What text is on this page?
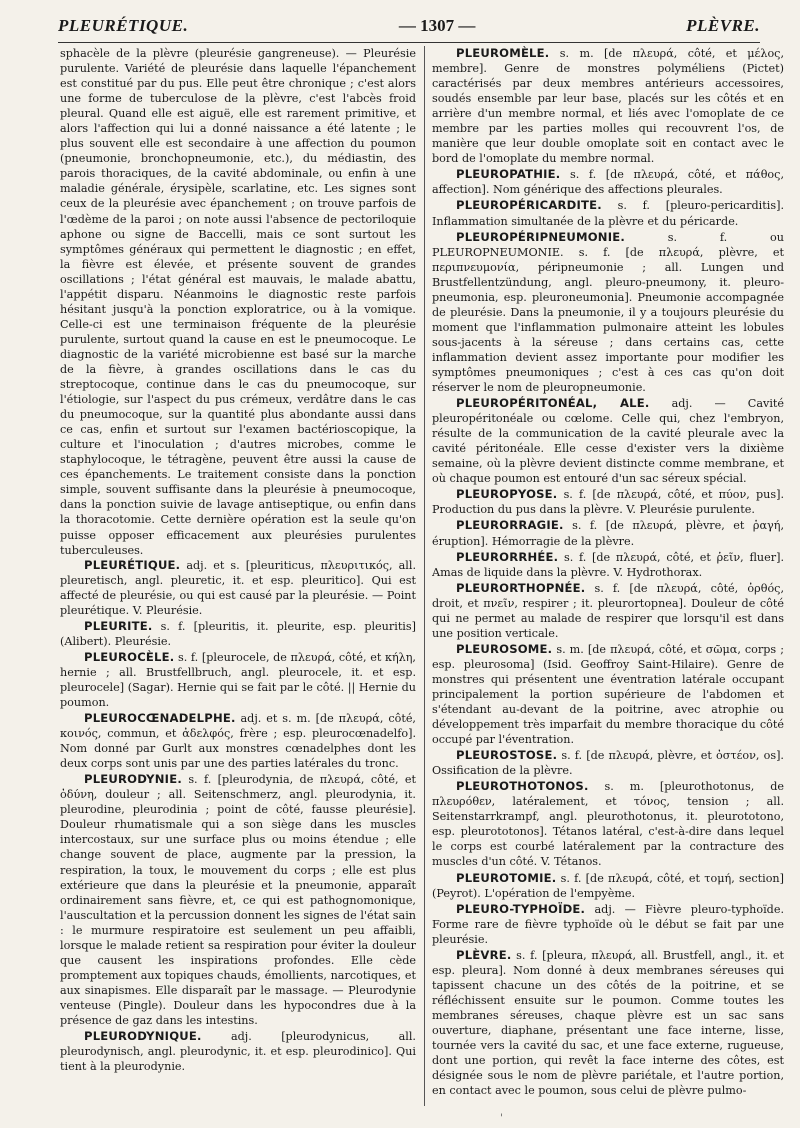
PLEURÉTIQUE.	— 1307 —	PLÈVRE.

sphacèle de la plèvre (pleurésie gangreneuse). — Pleurésie purulente. Variété de pleurésie dans laquelle l'épanchement est constitué par du pus. Elle peut être chronique ; c'est alors une forme de tuberculose de la plèvre, c'est l'abcès froid pleural. Quand elle est aiguë, elle est rarement primitive, et alors l'affection qui lui a donné naissance a été latente ; le plus souvent elle est secondaire à une affection du poumon (pneumonie, bronchopneumonie, etc.), du médiastin, des parois thoraciques, de la cavité abdominale, ou enfin à une maladie générale, érysipèle, scarlatine, etc. Les signes sont ceux de la pleurésie avec épanchement ; on trouve parfois de l'œdème de la paroi ; on note aussi l'absence de pectoriloquie aphone ou signe de Baccelli, mais ce sont surtout les symptômes généraux qui permettent le diagnostic ; en effet, la fièvre est élevée, et présente souvent de grandes oscillations ; l'état général est mauvais, le malade abattu, l'appétit disparu. Néanmoins le diagnostic reste parfois hésitant jusqu'à la ponction exploratrice, ou à la vomique. Celle-ci est une terminaison fréquente de la pleurésie purulente, surtout quand la cause en est le pneumocoque. Le diagnostic de la variété microbienne est basé sur la marche de la fièvre, à grandes oscillations dans le cas du streptocoque, continue dans le cas du pneumocoque, sur l'étiologie, sur l'aspect du pus crémeux, verdâtre dans le cas du pneumocoque, sur la quantité plus abondante aussi dans ce cas, enfin et surtout sur l'examen bactérioscopique, la culture et l'inoculation ; d'autres microbes, comme le staphylocoque, le tétragène, peuvent être aussi la cause de ces épanchements. Le traitement consiste dans la ponction simple, souvent suffisante dans la pleurésie à pneumocoque, dans la ponction suivie de lavage antiseptique, ou enfin dans la thoracotomie. Cette dernière opération est la seule qu'on puisse opposer efficacement aux pleurésies purulentes tuberculeuses.

PLEURÉTIQUE. adj. et s. [pleuriticus, πλευριτικός, all. pleuretisch, angl. pleuretic, it. et esp. pleuritico]. Qui est affecté de pleurésie, ou qui est causé par la pleurésie. — Point pleurétique. V. Pleurésie.

PLEURITE. s. f. [pleuritis, it. pleurite, esp. pleuritis] (Alibert). Pleurésie.

PLEUROCÈLE. s. f. [pleurocele, de πλευρά, côté, et κήλη, hernie ; all. Brustfellbruch, angl. pleurocele, it. et esp. pleurocele] (Sagar). Hernie qui se fait par le côté. || Hernie du poumon.

PLEUROCŒNADELPHE. adj. et s. m. [de πλευρά, côté, κοινός, commun, et ἀδελφός, frère ; esp. pleurocœnadelfo]. Nom donné par Gurlt aux monstres cœnadelphes dont les deux corps sont unis par une des parties latérales du tronc.

PLEURODYNIE. s. f. [pleurodynia, de πλευρά, côté, et ὀδύνη, douleur ; all. Seitenschmerz, angl. pleurodynia, it. pleurodine, pleurodinia ; point de côté, fausse pleurésie]. Douleur rhumatismale qui a son siège dans les muscles intercostaux, sur une surface plus ou moins étendue ; elle change souvent de place, augmente par la pression, la respiration, la toux, le mouvement du corps ; elle est plus extérieure que dans la pleurésie et la pneumonie, apparaît ordinairement sans fièvre, et, ce qui est pathognomonique, l'auscultation et la percussion donnent les signes de l'état sain : le murmure respiratoire est seulement un peu affaibli, lorsque le malade retient sa respiration pour éviter la douleur que causent les inspirations profondes. Elle cède promptement aux topiques chauds, émollients, narcotiques, et aux sinapismes. Elle disparaît par le massage. — Pleurodynie venteuse (Pingle). Douleur dans les hypocondres due à la présence de gaz dans les intestins.

PLEURODYNIQUE.	adj. [pleurodynicus, all. pleurodynisch, angl. pleurodynic, it. et esp. pleurodinico]. Qui tient à la pleurodynie.

PLEUROMÈLE. s. m. [de πλευρά, côté, et μέλος, membre]. Genre de monstres polyméliens (Pictet) caractérisés par deux membres antérieurs accessoires, soudés ensemble par leur base, placés sur les côtés et en arrière d'un membre normal, et liés avec l'omoplate de ce membre par les parties molles qui recouvrent l'os, de manière que leur double omoplate soit en contact avec le bord de l'omoplate du membre normal.

PLEUROPATHIE. s. f. [de πλευρά, côté, et πάθος, affection]. Nom générique des affections pleurales.

PLEUROPÉRICARDITE. s. f. [pleuro-pericarditis]. Inflammation simultanée de la plèvre et du péricarde.

PLEUROPÉRIPNEUMONIE.	s. f. ou PLEUROPNEUMONIE. s. f. [de πλευρά, plèvre, et περιπνευμονία, péripneumonie ; all. Lungen und Brustfellentzündung, angl. pleuro-pneumony, it. pleuro-pneumonia, esp. pleuroneumonia]. Pneumonie accompagnée de pleurésie. Dans la pneumonie, il y a toujours pleurésie du moment que l'inflammation pulmonaire atteint les lobules sous-jacents à la séreuse ; dans certains cas, cette inflammation devient assez importante pour modifier les symptômes pneumoniques ; c'est à ces cas qu'on doit réserver le nom de pleuropneumonie.

PLEUROPÉRITONÉAL, ALE. adj. — Cavité pleuropéritonéale ou cœlome. Celle qui, chez l'embryon, résulte de la communication de la cavité pleurale avec la cavité péritonéale. Elle cesse d'exister vers la dixième semaine, où la plèvre devient distincte comme membrane, et où chaque poumon est entouré d'un sac séreux spécial.

PLEUROPYOSE. s. f. [de πλευρά, côté, et πύον, pus]. Production du pus dans la plèvre. V. Pleurésie purulente.

PLEURORRAGIE. s. f. [de πλευρά, plèvre, et ῥαγή, éruption]. Hémorragie de la plèvre.

PLEURORRHÉE. s. f. [de πλευρά, côté, et ῥεῖν, fluer]. Amas de liquide dans la plèvre. V. Hydrothorax.

PLEURORTHOPNÉE. s. f. [de πλευρά, côté, ὀρθός, droit, et πνεῖν, respirer ; it. pleurortopnea]. Douleur de côté qui ne permet au malade de respirer que lorsqu'il est dans une position verticale.

PLEUROSOME. s. m. [de πλευρά, côté, et σῶμα, corps ; esp. pleurosoma] (Isid. Geoffroy Saint-Hilaire). Genre de monstres qui présentent une éventration latérale occupant principalement la portion supérieure de l'abdomen et s'étendant au-devant de la poitrine, avec atrophie ou développement très imparfait du membre thoracique du côté occupé par l'éventration.

PLEUROSTOSE. s. f. [de πλευρά, plèvre, et ὀστέον, os]. Ossification de la plèvre.

PLEUROTHOTONOS. s. m. [pleurothotonus, de πλευρόθεν, latéralement, et τόνος, tension ; all. Seitenstarrkrampf, angl. pleurothotonus, it. pleurototono, esp. pleurototonos]. Tétanos latéral, c'est-à-dire dans lequel le corps est courbé latéralement par la contracture des muscles d'un côté. V. Tétanos.

PLEUROTOMIE. s. f. [de πλευρά, côté, et τομή, section] (Peyrot). L'opération de l'empyème.

PLEURO-TYPHOÏDE. adj. — Fièvre pleuro-typhoïde. Forme rare de fièvre typhoïde où le début se fait par une pleurésie.

PLÈVRE. s. f. [pleura, πλευρά, all. Brustfell, angl., it. et esp. pleura]. Nom donné à deux membranes séreuses qui tapissent chacune un des côtés de la poitrine, et se réfléchissent ensuite sur le poumon. Comme toutes les membranes séreuses, chaque plèvre est un sac sans ouverture, diaphane, présentant une face interne, lisse, tournée vers la cavité du sac, et une face externe, rugueuse, dont une portion, qui revêt la face interne des côtes, est désignée sous le nom de plèvre pariétale, et l'autre portion, en contact avec le poumon, sous celui de plèvre pulmo-

'
